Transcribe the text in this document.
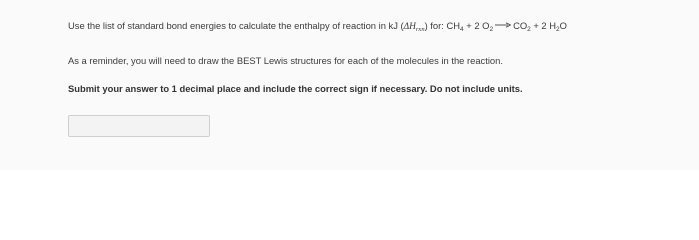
Use the list of standard bond energies to calculate the enthalpy of reaction in kJ $(\Delta H_{rxn})$ for: $CH_4 + 2$ $O_2 \to CO_2 + 2$ $H_2O$
As a reminder, you will need to draw the BEST Lewis structures for each of the molecules in the reaction.
Submit your answer to 1 decimal place and include the correct sign if necessary. Do not include units.
